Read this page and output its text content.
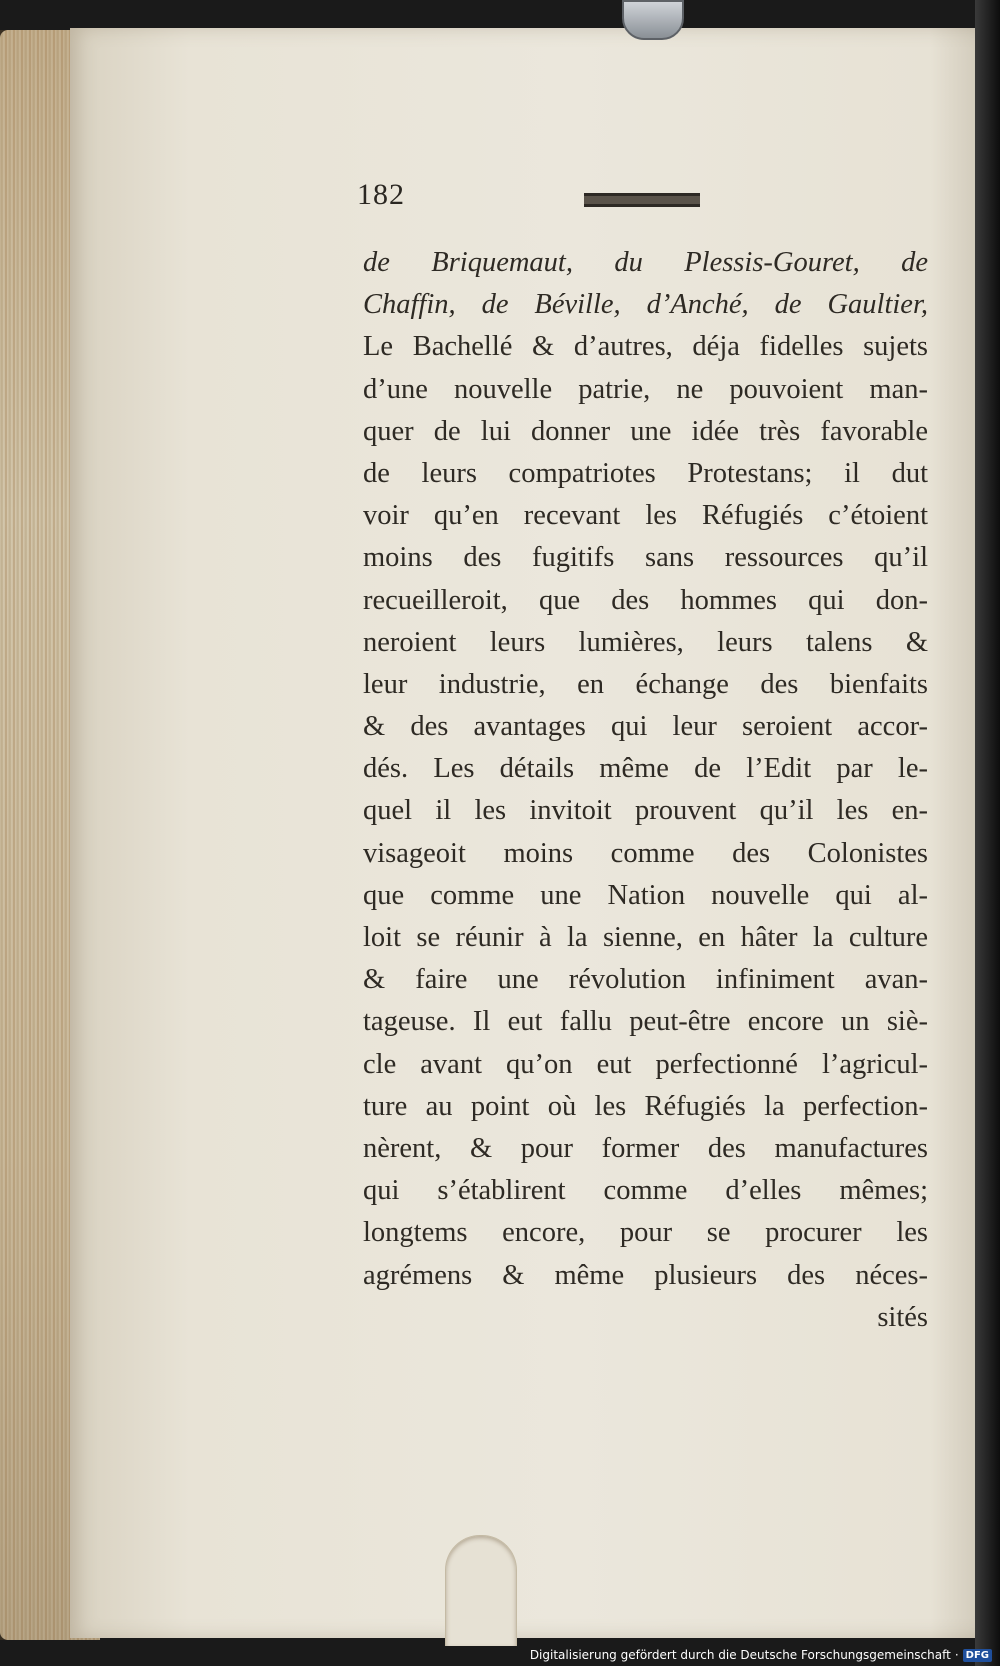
182
de Briquemaut, du Plessis-Gouret, de
Chaffin, de Béville, d’Anché, de Gaultier,
Le Bachellé & d’autres, déja fidelles sujets
d’une nouvelle patrie, ne pouvoient man-
quer de lui donner une idée très favorable
de leurs compatriotes Protestans; il dut
voir qu’en recevant les Réfugiés c’étoient
moins des fugitifs sans ressources qu’il
recueilleroit, que des hommes qui don-
neroient leurs lumières, leurs talens &
leur industrie, en échange des bienfaits
& des avantages qui leur seroient accor-
dés. Les détails même de l’Edit par le-
quel il les invitoit prouvent qu’il les en-
visageoit moins comme des Colonistes
que comme une Nation nouvelle qui al-
loit se réunir à la sienne, en hâter la culture
& faire une révolution infiniment avan-
tageuse. Il eut fallu peut-être encore un siè-
cle avant qu’on eut perfectionné l’agricul-
ture au point où les Réfugiés la perfection-
nèrent, & pour former des manufactures
qui s’établirent comme d’elles mêmes;
longtems encore, pour se procurer les
agrémens & même plusieurs des néces-
sités
Digitalisierung gefördert durch die Deutsche Forschungsgemeinschaft · DFG
